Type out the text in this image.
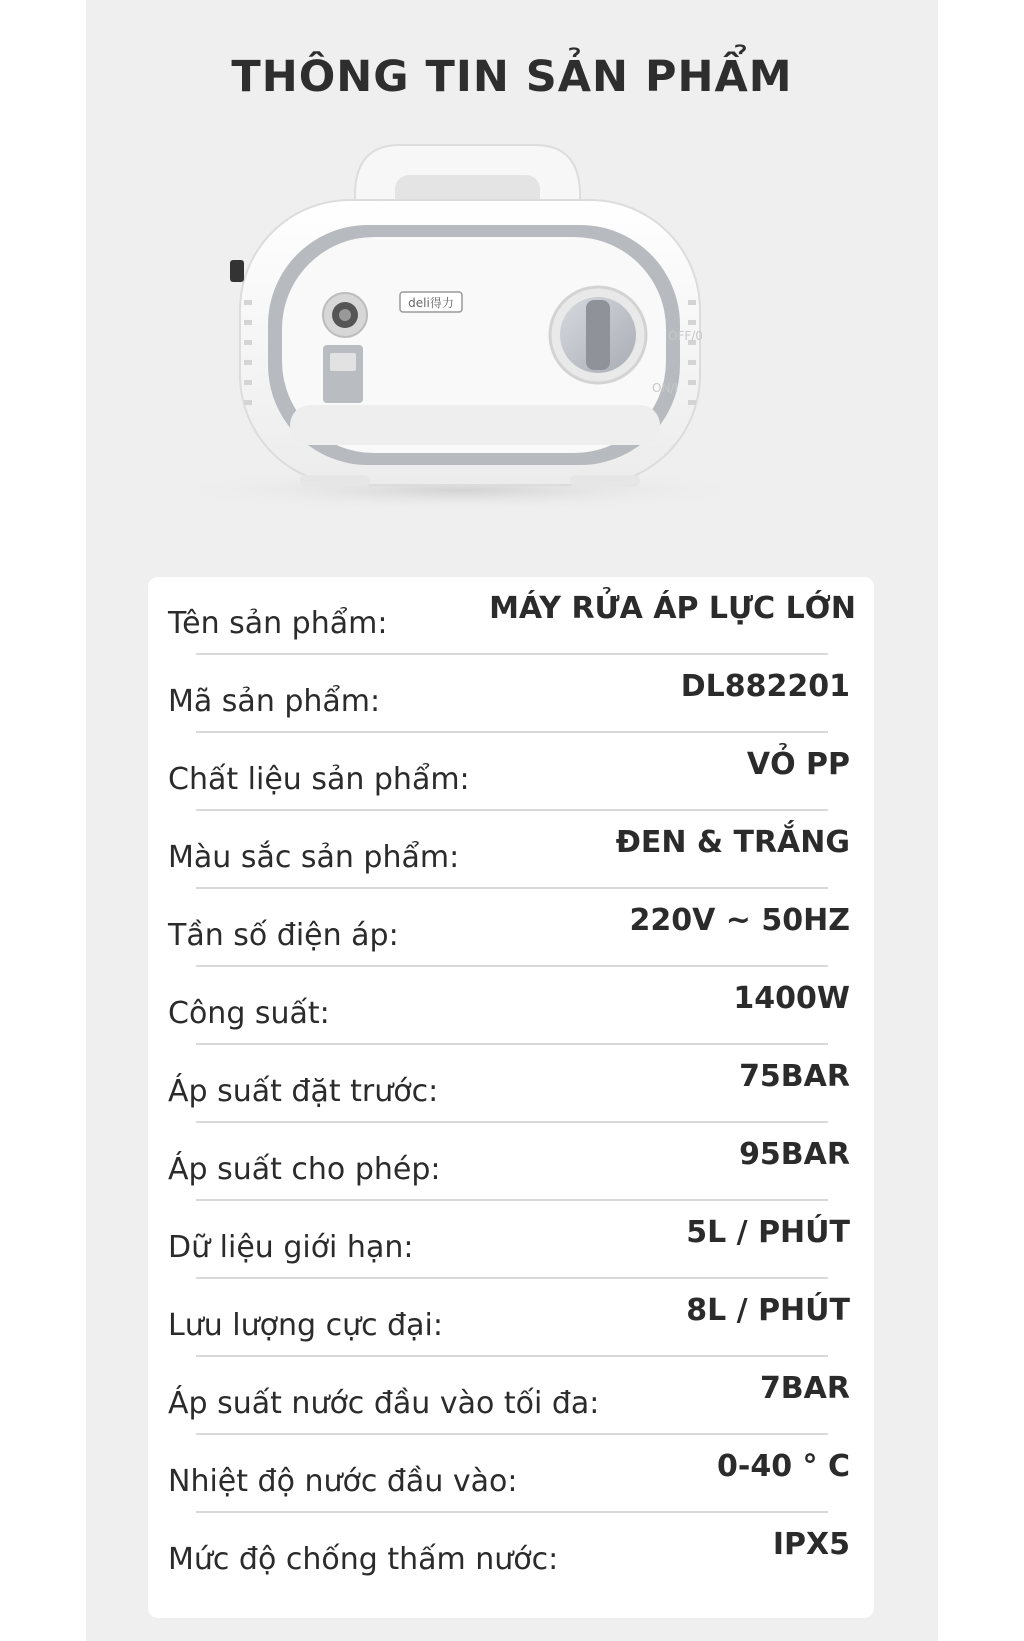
THÔNG TIN SẢN PHẨM
deli得力
OFF/0
ON/I
Tên sản phẩm:	MÁY RỬA ÁP LỰC LỚN
Mã sản phẩm:	DL882201
Chất liệu sản phẩm:	VỎ PP
Màu sắc sản phẩm:	ĐEN & TRẮNG
Tần số điện áp:	220V ~ 50HZ
Công suất:	1400W
Áp suất đặt trước:	75BAR
Áp suất cho phép:	95BAR
Dữ liệu giới hạn:	5L / PHÚT
Lưu lượng cực đại:	8L / PHÚT
Áp suất nước đầu vào tối đa:	7BAR
Nhiệt độ nước đầu vào:	0-40 ° C
Mức độ chống thấm nước:	IPX5
